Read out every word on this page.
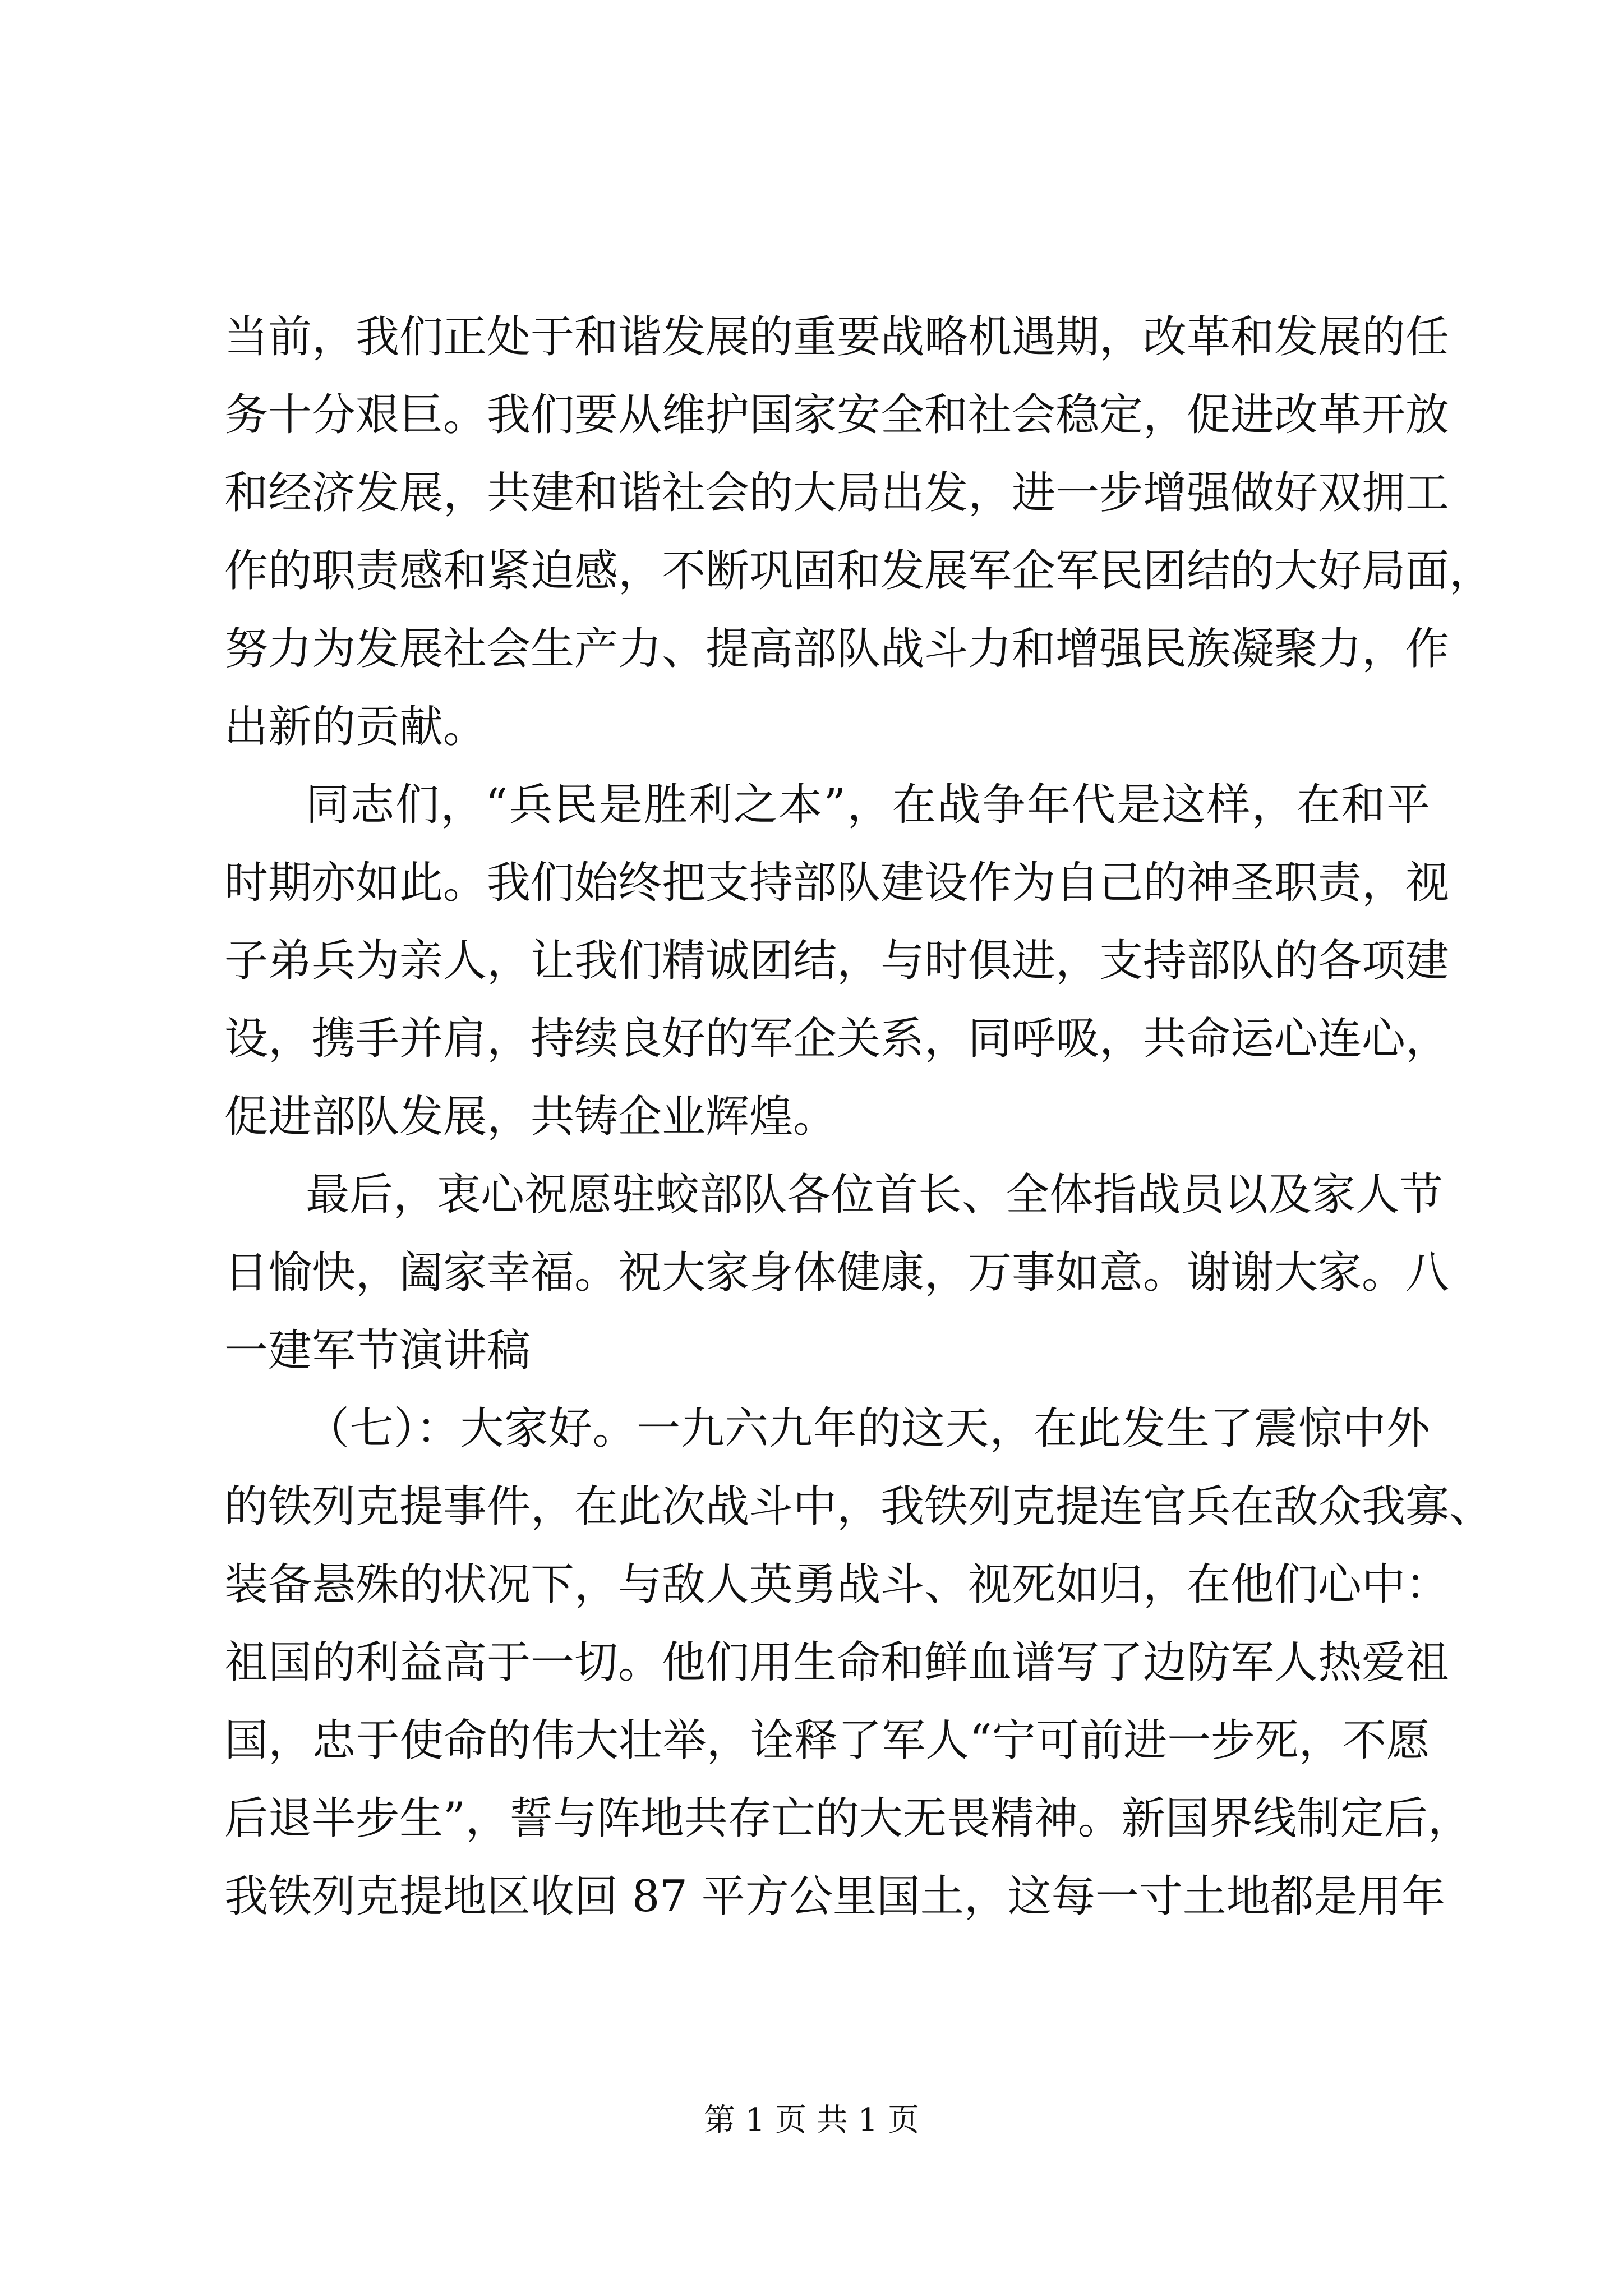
当前，我们正处于和谐发展的重要战略机遇期，改革和发展的任
务十分艰巨。我们要从维护国家安全和社会稳定，促进改革开放
和经济发展，共建和谐社会的大局出发，进一步增强做好双拥工
作的职责感和紧迫感，不断巩固和发展军企军民团结的大好局面，
努力为发展社会生产力、提高部队战斗力和增强民族凝聚力，作
出新的贡献。
同志们，“兵民是胜利之本”，在战争年代是这样，在和平
时期亦如此。我们始终把支持部队建设作为自己的神圣职责，视
子弟兵为亲人，让我们精诚团结，与时俱进，支持部队的各项建
设，携手并肩，持续良好的军企关系，同呼吸，共命运心连心，
促进部队发展，共铸企业辉煌。
最后，衷心祝愿驻蛟部队各位首长、全体指战员以及家人节
日愉快，阖家幸福。祝大家身体健康，万事如意。谢谢大家。八
一建军节演讲稿
（七）：大家好。一九六九年的这天，在此发生了震惊中外
的铁列克提事件，在此次战斗中，我铁列克提连官兵在敌众我寡、
装备悬殊的状况下，与敌人英勇战斗、视死如归，在他们心中：
祖国的利益高于一切。他们用生命和鲜血谱写了边防军人热爱祖
国，忠于使命的伟大壮举，诠释了军人“宁可前进一步死，不愿
后退半步生”，誓与阵地共存亡的大无畏精神。新国界线制定后，
我铁列克提地区收回 87 平方公里国土，这每一寸土地都是用年
第 1 页 共 1 页
